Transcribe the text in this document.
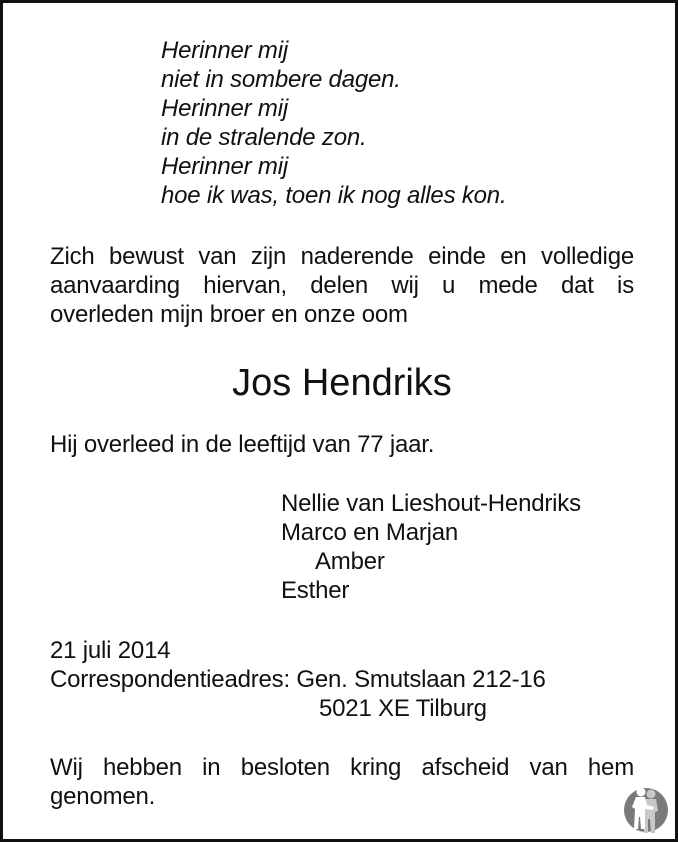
Herinner mij
niet in sombere dagen.
Herinner mij
in de stralende zon.
Herinner mij
hoe ik was, toen ik nog alles kon.
Zich bewust van zijn naderende einde en volledige
aanvaarding hiervan, delen wij u mede dat is
overleden mijn broer en onze oom
Jos Hendriks
Hij overleed in de leeftijd van 77 jaar.
Nellie van Lieshout-Hendriks
Marco en Marjan
Amber
Esther
21 juli 2014
Correspondentieadres: Gen. Smutslaan 212-16
5021 XE Tilburg
Wij hebben in besloten kring afscheid van hem
genomen.
